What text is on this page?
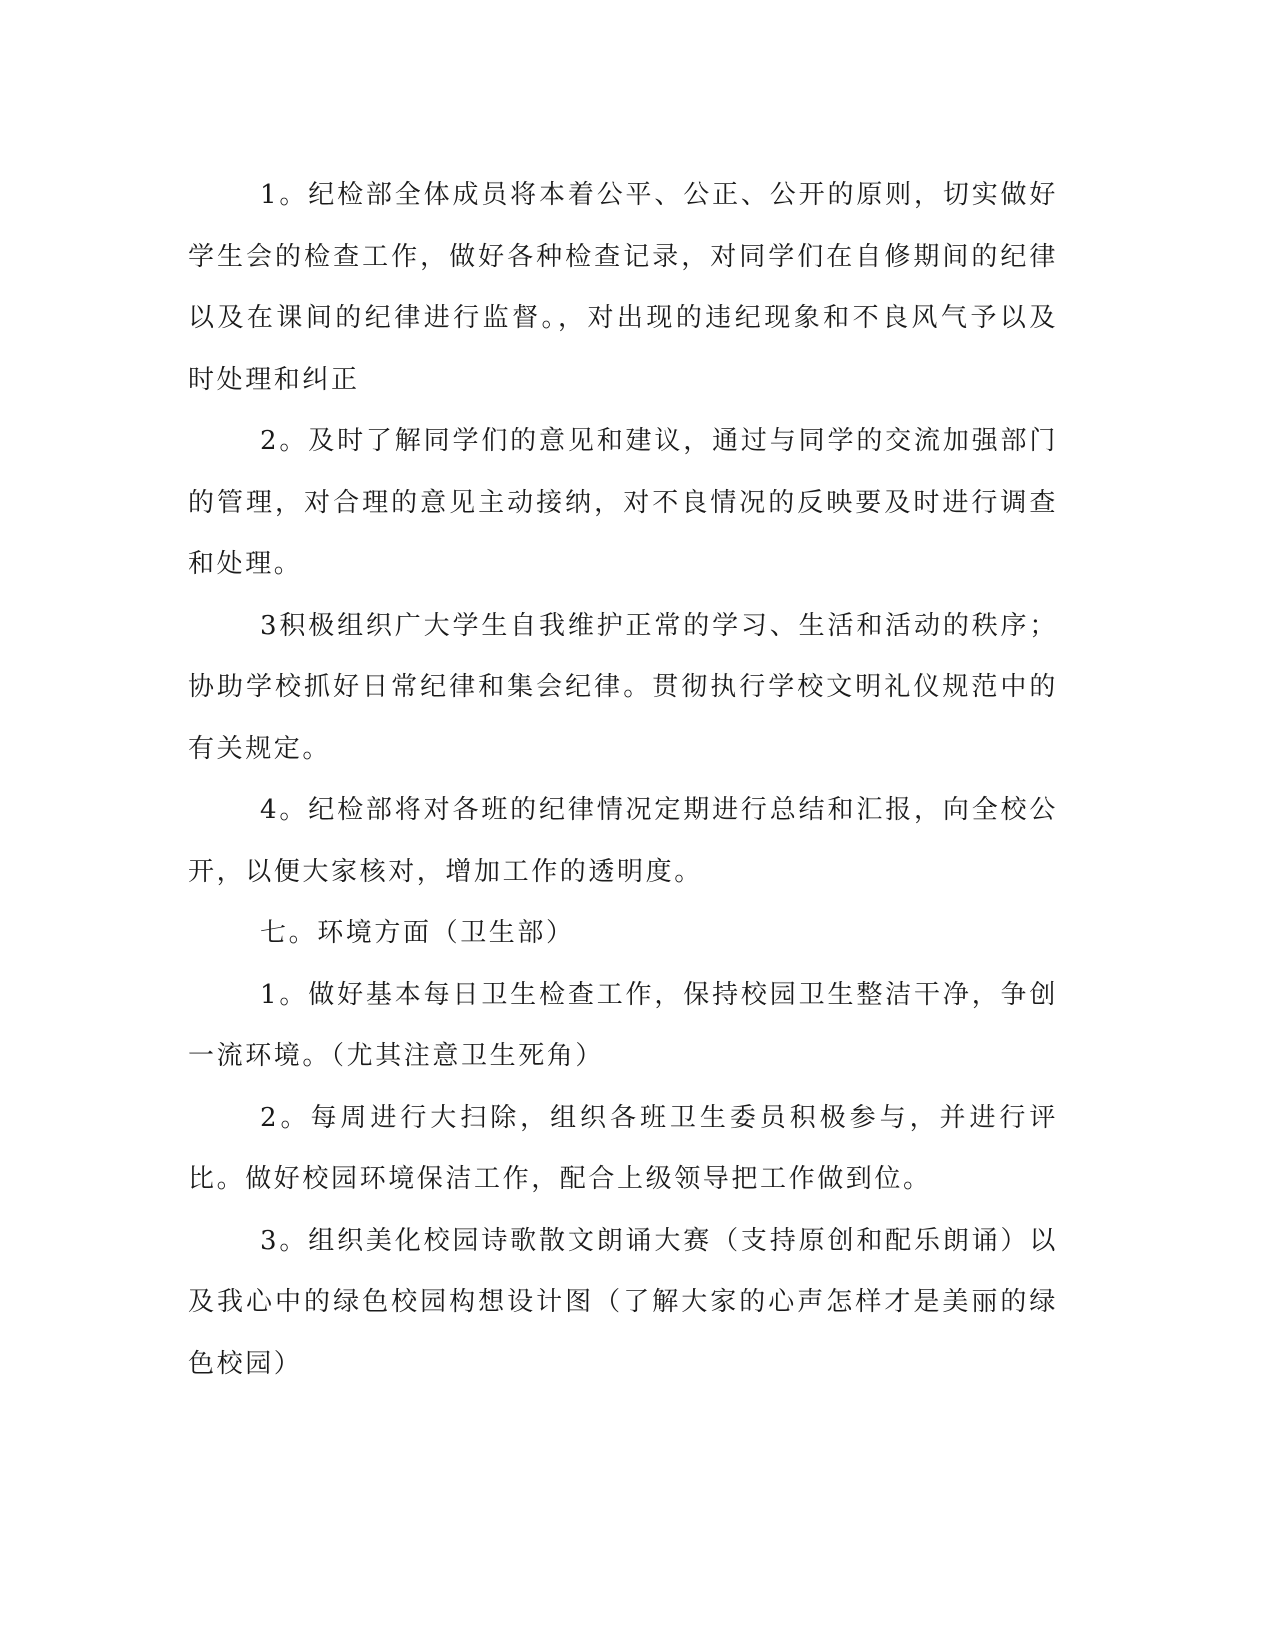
1。纪检部全体成员将本着公平、公正、公开的原则，切实做好学生会的检查工作，做好各种检查记录，对同学们在自修期间的纪律以及在课间的纪律进行监督。，对出现的违纪现象和不良风气予以及时处理和纠正

2。及时了解同学们的意见和建议，通过与同学的交流加强部门的管理，对合理的意见主动接纳，对不良情况的反映要及时进行调查和处理。

3积极组织广大学生自我维护正常的学习、生活和活动的秩序；协助学校抓好日常纪律和集会纪律。贯彻执行学校文明礼仪规范中的有关规定。

4。纪检部将对各班的纪律情况定期进行总结和汇报，向全校公开，以便大家核对，增加工作的透明度。

七。环境方面（卫生部）

1。做好基本每日卫生检查工作，保持校园卫生整洁干净，争创一流环境。（尤其注意卫生死角）

2。每周进行大扫除，组织各班卫生委员积极参与，并进行评比。做好校园环境保洁工作，配合上级领导把工作做到位。

3。组织美化校园诗歌散文朗诵大赛（支持原创和配乐朗诵）以及我心中的绿色校园构想设计图（了解大家的心声怎样才是美丽的绿色校园）
